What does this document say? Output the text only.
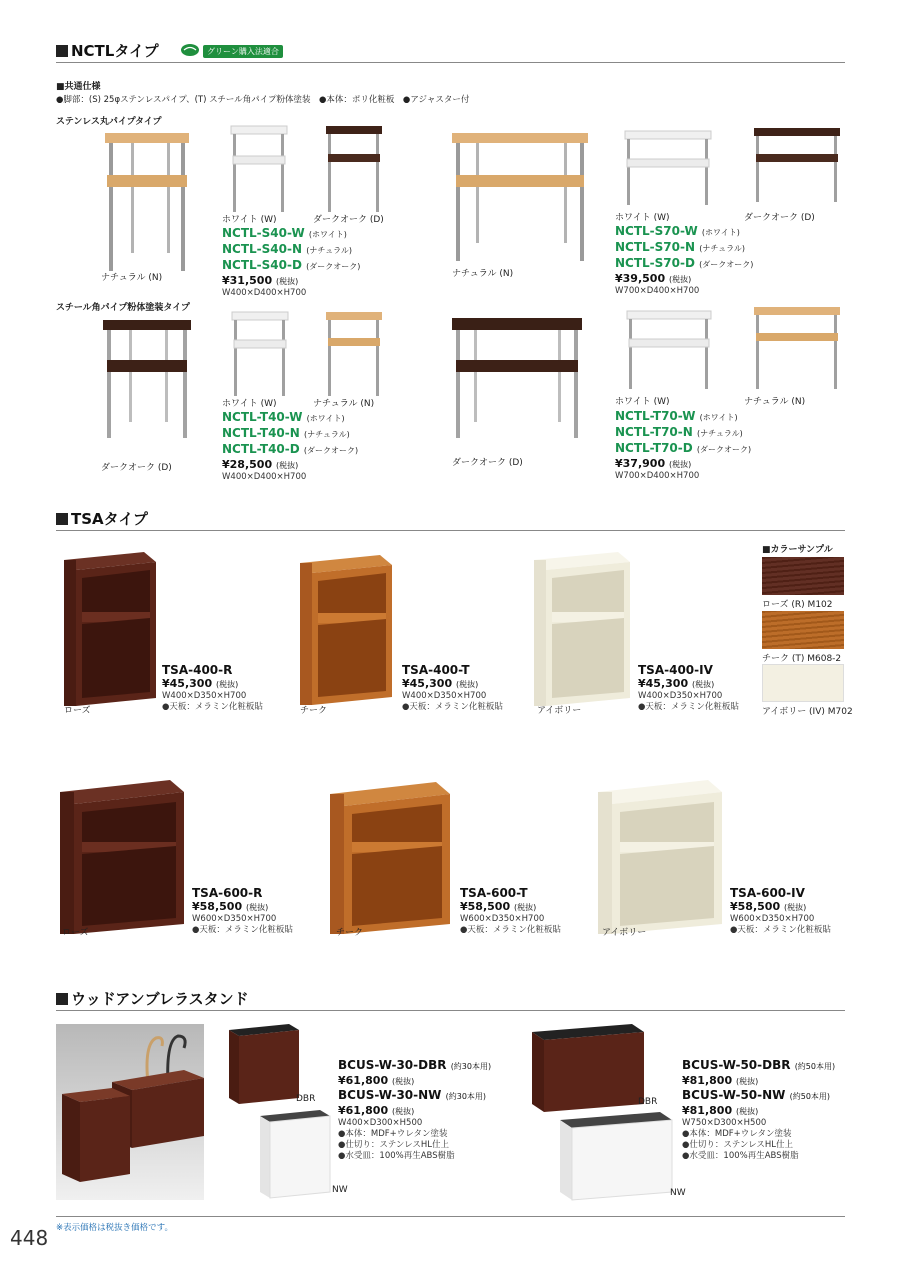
NCTLタイプ	グリーン購入法適合
■共通仕様
●脚部：(S) 25φステンレスパイプ、(T) スチール角パイプ粉体塗装　●本体：ポリ化粧板　●アジャスター付
ステンレス丸パイプタイプ
スチール角パイプ粉体塗装タイプ
ナチュラル (N)
ホワイト (W)	ダークオーク (D)
NCTL-S40-W (ホワイト)
NCTL-S40-N (ナチュラル)
NCTL-S40-D (ダークオーク)
¥31,500 (税抜)
W400×D400×H700
ナチュラル (N)
ホワイト (W)	ダークオーク (D)
NCTL-S70-W (ホワイト)
NCTL-S70-N (ナチュラル)
NCTL-S70-D (ダークオーク)
¥39,500 (税抜)
W700×D400×H700
ダークオーク (D)
ホワイト (W)	ナチュラル (N)
NCTL-T40-W (ホワイト)
NCTL-T40-N (ナチュラル)
NCTL-T40-D (ダークオーク)
¥28,500 (税抜)
W400×D400×H700
ダークオーク (D)
ホワイト (W)	ナチュラル (N)
NCTL-T70-W (ホワイト)
NCTL-T70-N (ナチュラル)
NCTL-T70-D (ダークオーク)
¥37,900 (税抜)
W700×D400×H700
TSAタイプ
■カラーサンプル
ローズ (R) M102
チーク (T) M608-2
アイボリー (IV) M702
ローズ
TSA-400-R
¥45,300 (税抜)
W400×D350×H700
●天板：メラミン化粧板貼	チーク
TSA-400-T
¥45,300 (税抜)
W400×D350×H700
●天板：メラミン化粧板貼	アイボリー
TSA-400-IV
¥45,300 (税抜)
W400×D350×H700
●天板：メラミン化粧板貼
ローズ
TSA-600-R
¥58,500 (税抜)
W600×D350×H700
●天板：メラミン化粧板貼	チーク
TSA-600-T
¥58,500 (税抜)
W600×D350×H700
●天板：メラミン化粧板貼	アイボリー
TSA-600-IV
¥58,500 (税抜)
W600×D350×H700
●天板：メラミン化粧板貼
ウッドアンブレラスタンド
DBR
NW
BCUS-W-30-DBR (約30本用)
¥61,800 (税抜)
BCUS-W-30-NW (約30本用)
¥61,800 (税抜)
W400×D300×H500
●本体：MDF+ウレタン塗装
●仕切り：ステンレスHL仕上
●水受皿：100%再生ABS樹脂
DBR
NW
BCUS-W-50-DBR (約50本用)
¥81,800 (税抜)
BCUS-W-50-NW (約50本用)
¥81,800 (税抜)
W750×D300×H500
●本体：MDF+ウレタン塗装
●仕切り：ステンレスHL仕上
●水受皿：100%再生ABS樹脂
448 ※表示価格は税抜き価格です。
